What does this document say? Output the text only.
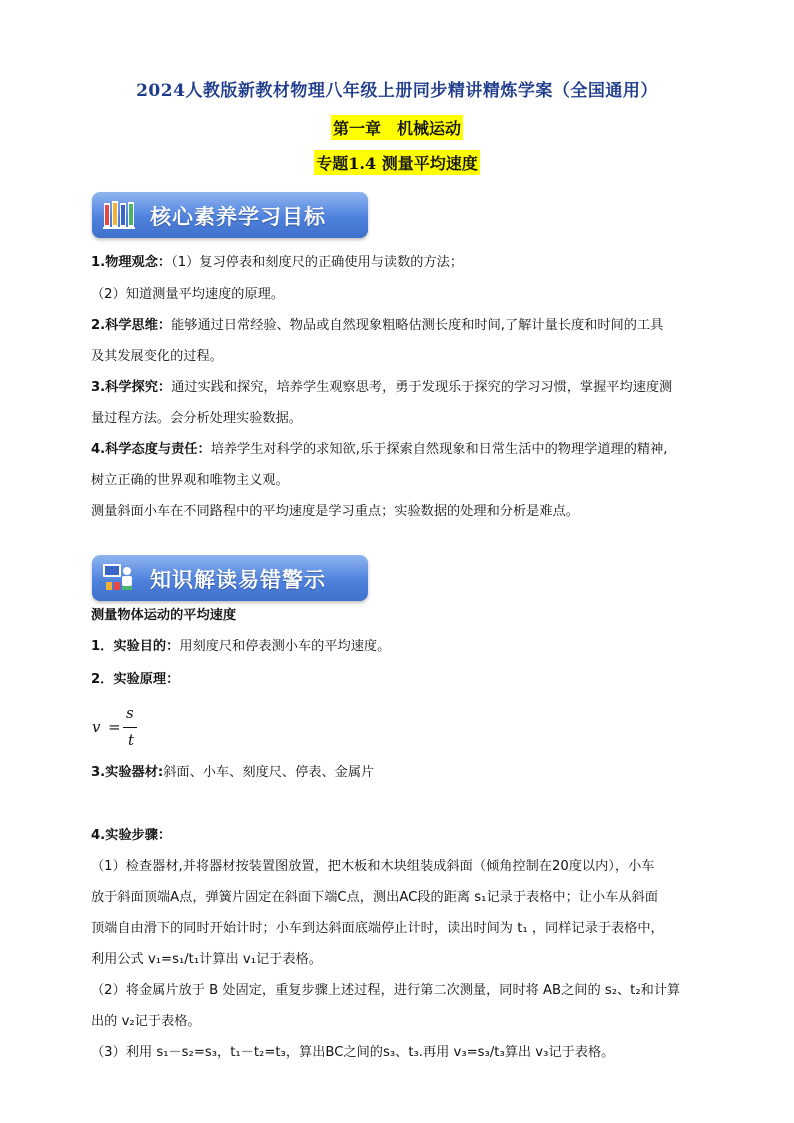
2024人教版新教材物理八年级上册同步精讲精炼学案（全国通用）
第一章　机械运动
专题1.4 测量平均速度
核心素养学习目标
1.物理观念：（1）复习停表和刻度尺的正确使用与读数的方法；
（2）知道测量平均速度的原理。
2.科学思维：能够通过日常经验、物品或自然现象粗略估测长度和时间,了解计量长度和时间的工具
及其发展变化的过程。
3.科学探究：通过实践和探究，培养学生观察思考，勇于发现乐于探究的学习习惯，掌握平均速度测
量过程方法。会分析处理实验数据。
4.科学态度与责任：培养学生对科学的求知欲,乐于探索自然现象和日常生活中的物理学道理的精神,
树立正确的世界观和唯物主义观。
测量斜面小车在不同路程中的平均速度是学习重点；实验数据的处理和分析是难点。
知识解读易错警示
测量物体运动的平均速度
1．实验目的：用刻度尺和停表测小车的平均速度。
2．实验原理：
v =
s
t
3.实验器材:斜面、小车、刻度尺、停表、金属片
4.实验步骤：
（1）检查器材,并将器材按装置图放置，把木板和木块组装成斜面（倾角控制在20度以内），小车
放于斜面顶端A点，弹簧片固定在斜面下端C点，测出AC段的距离 s₁记录于表格中；让小车从斜面
顶端自由滑下的同时开始计时；小车到达斜面底端停止计时，读出时间为 t₁ ，同样记录于表格中，
利用公式 v₁=s₁/t₁计算出 v₁记于表格。
（2）将金属片放于 B 处固定，重复步骤上述过程，进行第二次测量，同时将 AB之间的 s₂、t₂和计算
出的 v₂记于表格。
（3）利用 s₁－s₂=s₃，t₁－t₂=t₃，算出BC之间的s₃、t₃.再用 v₃=s₃/t₃算出 v₃记于表格。
